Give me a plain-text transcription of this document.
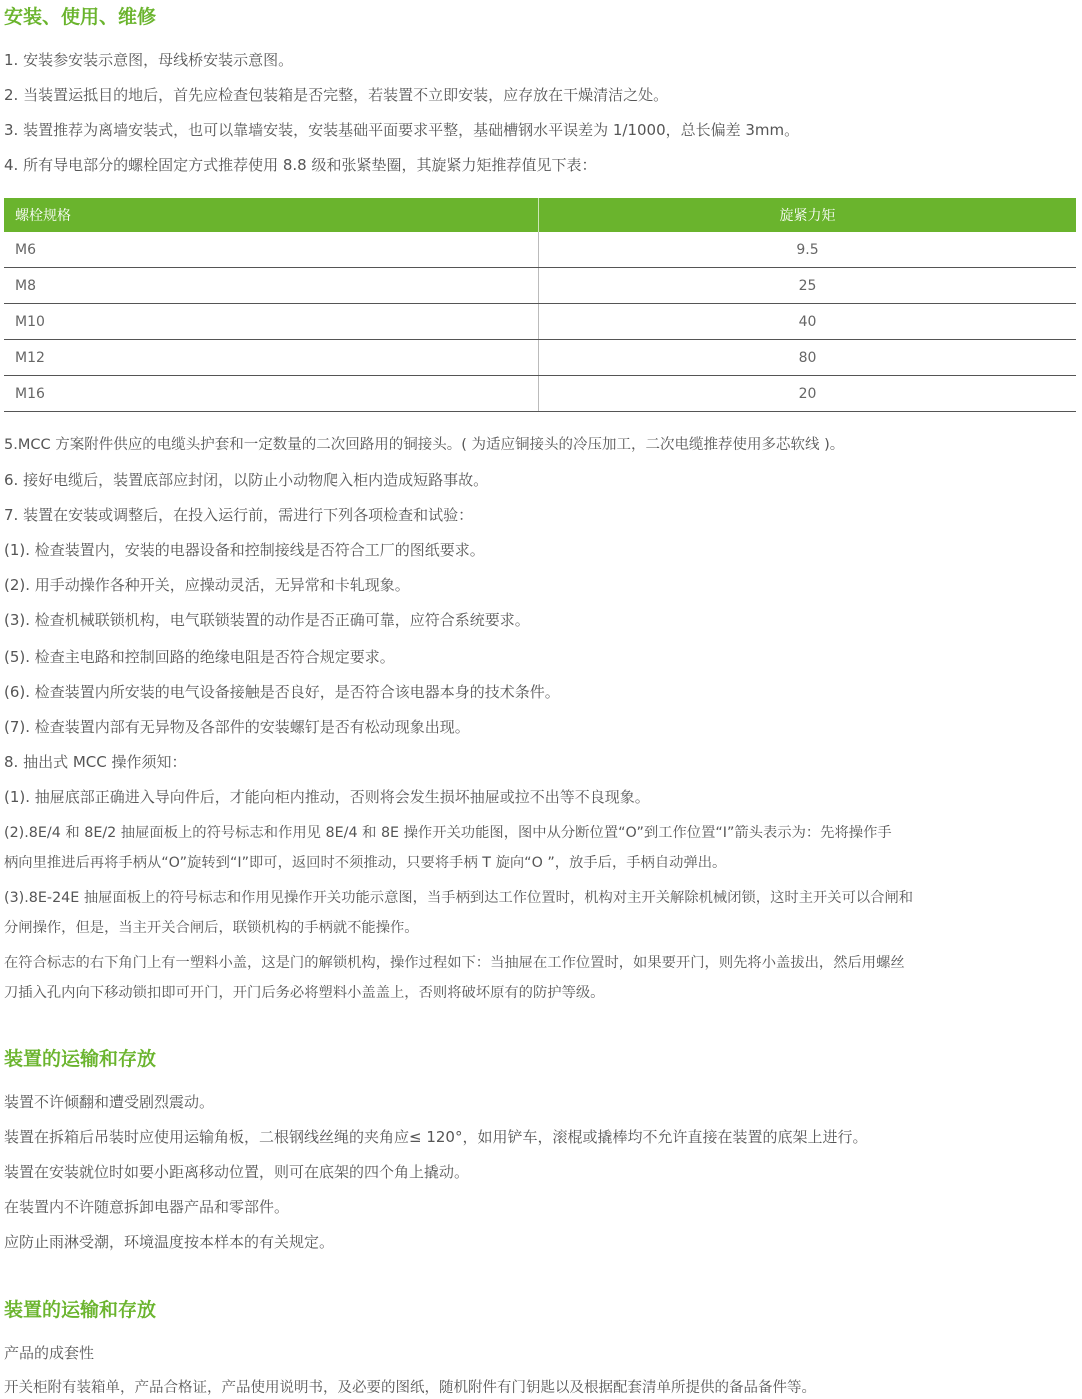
安装、使用、维修

1. 安装参安装示意图，母线桥安装示意图。

2. 当装置运抵目的地后，首先应检查包装箱是否完整，若装置不立即安装，应存放在干燥清洁之处。

3. 装置推荐为离墙安装式，也可以靠墙安装，安装基础平面要求平整，基础槽钢水平误差为 1/1000，总长偏差 3mm。

4. 所有导电部分的螺栓固定方式推荐使用 8.8 级和张紧垫圈，其旋紧力矩推荐值见下表：

螺栓规格	旋紧力矩
M6	9.5
M8	25
M10	40
M12	80
M16	20

5.MCC 方案附件供应的电缆头护套和一定数量的二次回路用的铜接头。( 为适应铜接头的冷压加工，二次电缆推荐使用多芯软线 )。

6. 接好电缆后，装置底部应封闭，以防止小动物爬入柜内造成短路事故。

7. 装置在安装或调整后，在投入运行前，需进行下列各项检查和试验：

(1). 检查装置内，安装的电器设备和控制接线是否符合工厂的图纸要求。

(2). 用手动操作各种开关，应操动灵活，无异常和卡轧现象。

(3). 检查机械联锁机构，电气联锁装置的动作是否正确可靠，应符合系统要求。

(5). 检查主电路和控制回路的绝缘电阻是否符合规定要求。

(6). 检查装置内所安装的电气设备接触是否良好，是否符合该电器本身的技术条件。

(7). 检查装置内部有无异物及各部件的安装螺钉是否有松动现象出现。

8. 抽出式 MCC 操作须知：

(1). 抽屉底部正确进入导向件后，才能向柜内推动，否则将会发生损坏抽屉或拉不出等不良现象。

(2).8E/4 和 8E/2 抽屉面板上的符号标志和作用见 8E/4 和 8E 操作开关功能图，图中从分断位置“O”到工作位置“I”箭头表示为：先将操作手

柄向里推进后再将手柄从“O”旋转到“I”即可，返回时不须推动，只要将手柄 T 旋向“O ”，放手后，手柄自动弹出。

(3).8E-24E 抽屉面板上的符号标志和作用见操作开关功能示意图，当手柄到达工作位置时，机构对主开关解除机械闭锁，这时主开关可以合闸和

分闸操作，但是，当主开关合闸后，联锁机构的手柄就不能操作。

在符合标志的右下角门上有一塑料小盖，这是门的解锁机构，操作过程如下：当抽屉在工作位置时，如果要开门，则先将小盖拔出，然后用螺丝

刀插入孔内向下移动锁扣即可开门，开门后务必将塑料小盖盖上，否则将破坏原有的防护等级。

装置的运输和存放

装置不许倾翻和遭受剧烈震动。

装置在拆箱后吊装时应使用运输角板，二根钢线丝绳的夹角应≤ 120°，如用铲车，滚棍或撬棒均不允许直接在装置的底架上进行。

装置在安装就位时如要小距离移动位置，则可在底架的四个角上撬动。

在装置内不许随意拆卸电器产品和零部件。

应防止雨淋受潮，环境温度按本样本的有关规定。

装置的运输和存放

产品的成套性

开关柜附有装箱单，产品合格证，产品使用说明书，及必要的图纸，随机附件有门钥匙以及根据配套清单所提供的备品备件等。
